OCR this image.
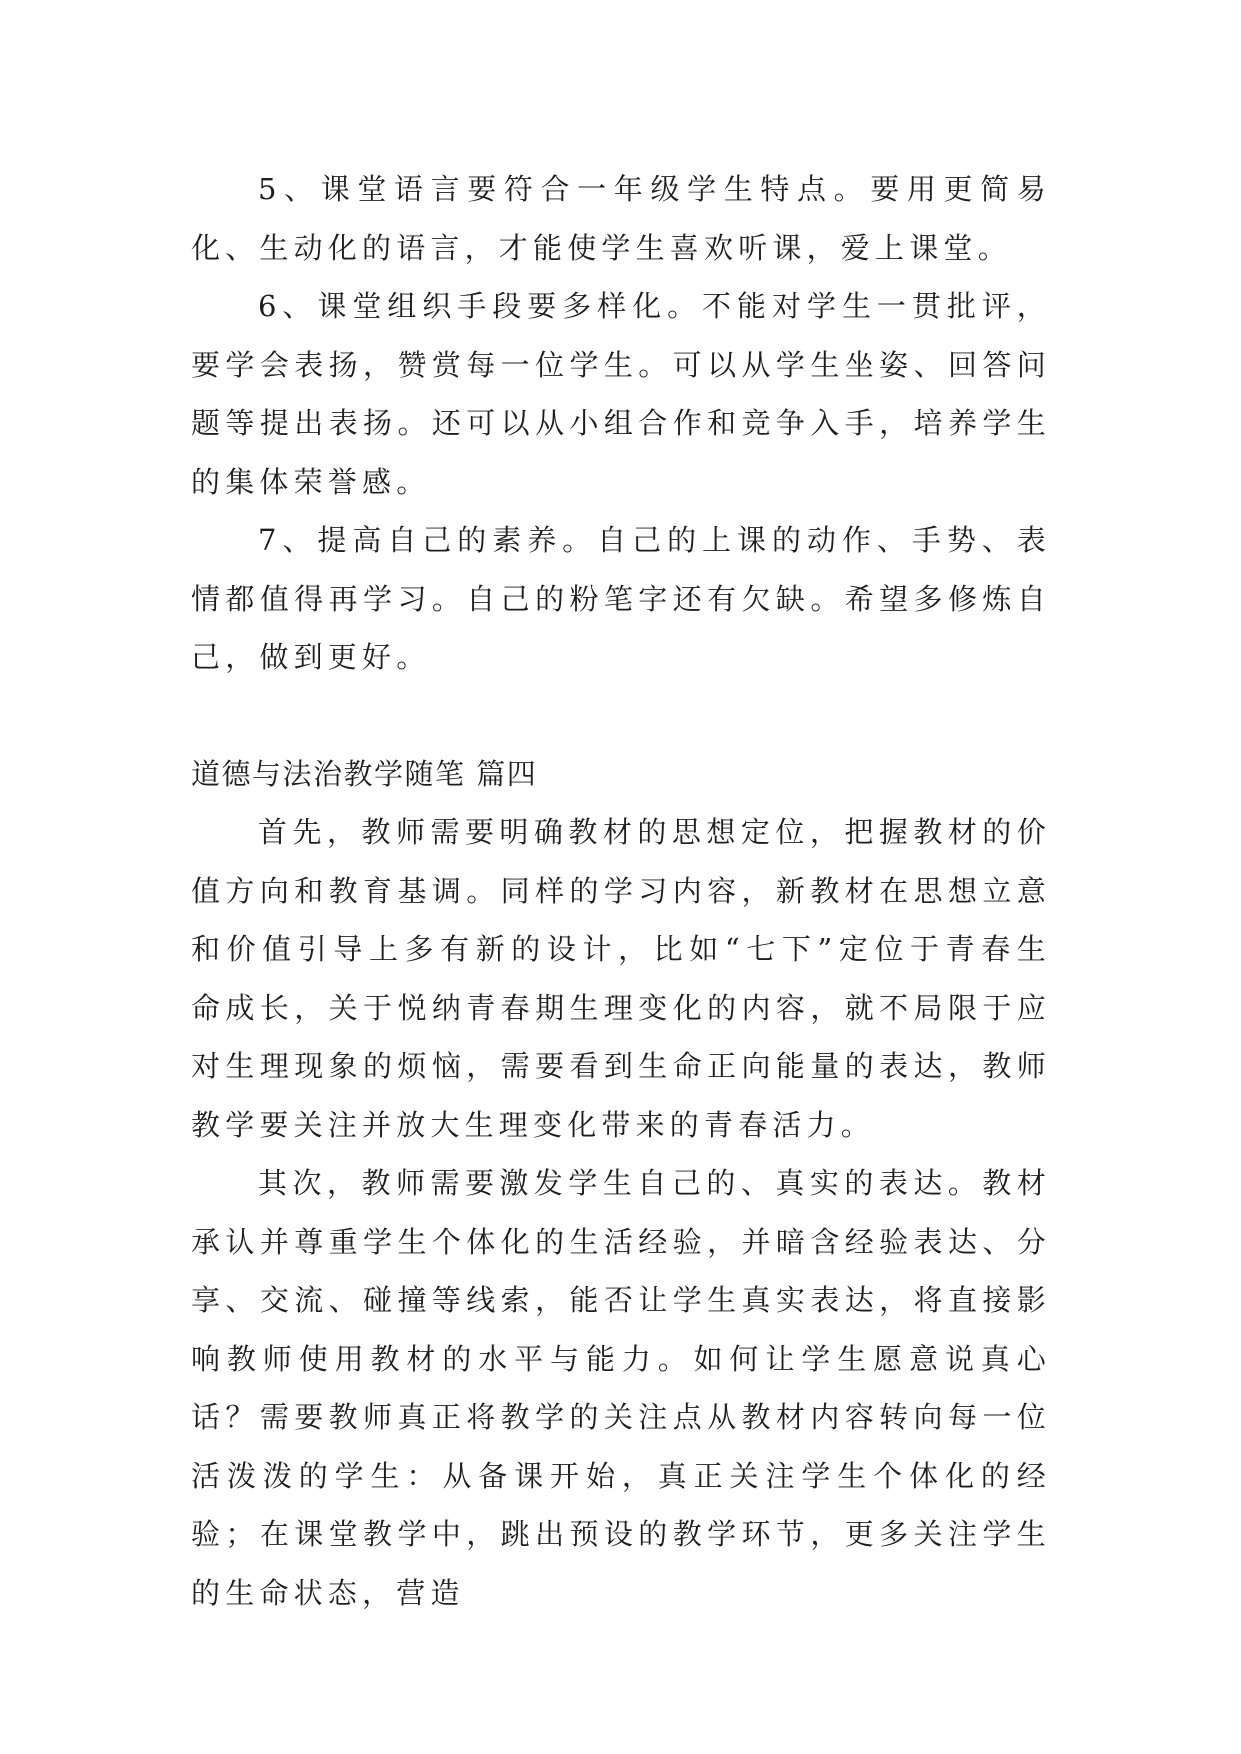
5、课堂语言要符合一年级学生特点。要用更简易化、生动化的语言，才能使学生喜欢听课，爱上课堂。

6、课堂组织手段要多样化。不能对学生一贯批评，要学会表扬，赞赏每一位学生。可以从学生坐姿、回答问题等提出表扬。还可以从小组合作和竞争入手，培养学生的集体荣誉感。

7、提高自己的素养。自己的上课的动作、手势、表情都值得再学习。自己的粉笔字还有欠缺。希望多修炼自己，做到更好。

道德与法治教学随笔 篇四

首先，教师需要明确教材的思想定位，把握教材的价值方向和教育基调。同样的学习内容，新教材在思想立意和价值引导上多有新的设计，比如“七下”定位于青春生命成长，关于悦纳青春期生理变化的内容，就不局限于应对生理现象的烦恼，需要看到生命正向能量的表达，教师教学要关注并放大生理变化带来的青春活力。

其次，教师需要激发学生自己的、真实的表达。教材承认并尊重学生个体化的生活经验，并暗含经验表达、分享、交流、碰撞等线索，能否让学生真实表达，将直接影响教师使用教材的水平与能力。如何让学生愿意说真心话？需要教师真正将教学的关注点从教材内容转向每一位活泼泼的学生：从备课开始，真正关注学生个体化的经验；在课堂教学中，跳出预设的教学环节，更多关注学生的生命状态，营造
